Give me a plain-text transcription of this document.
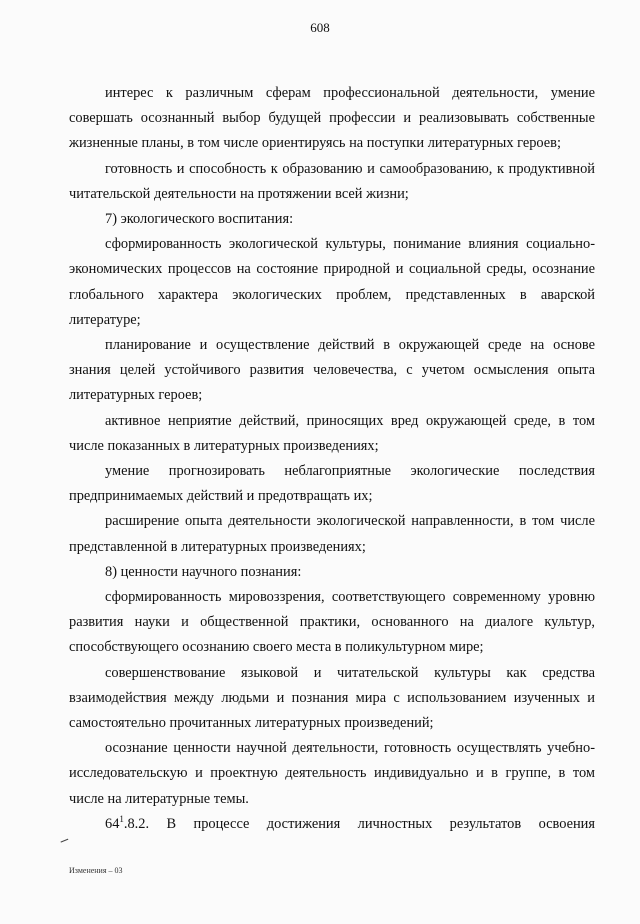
608

интерес к различным сферам профессиональной деятельности, умение совершать осознанный выбор будущей профессии и реализовывать собственные жизненные планы, в том числе ориентируясь на поступки литературных героев;

готовность и способность к образованию и самообразованию, к продуктивной читательской деятельности на протяжении всей жизни;

7) экологического воспитания:

сформированность экологической культуры, понимание влияния социально-экономических процессов на состояние природной и социальной среды, осознание глобального характера экологических проблем, представленных в аварской литературе;

планирование и осуществление действий в окружающей среде на основе знания целей устойчивого развития человечества, с учетом осмысления опыта литературных героев;

активное неприятие действий, приносящих вред окружающей среде, в том числе показанных в литературных произведениях;

умение прогнозировать неблагоприятные экологические последствия предпринимаемых действий и предотвращать их;

расширение опыта деятельности экологической направленности, в том числе представленной в литературных произведениях;

8) ценности научного познания:

сформированность мировоззрения, соответствующего современному уровню развития науки и общественной практики, основанного на диалоге культур, способствующего осознанию своего места в поликультурном мире;

совершенствование языковой и читательской культуры как средства взаимодействия между людьми и познания мира с использованием изученных и самостоятельно прочитанных литературных произведений;

осознание ценности научной деятельности, готовность осуществлять учебно-исследовательскую и проектную деятельность индивидуально и в группе, в том числе на литературные темы.

$64^1.8.2$. В процессе достижения личностных результатов освоения

Изменения – 03
